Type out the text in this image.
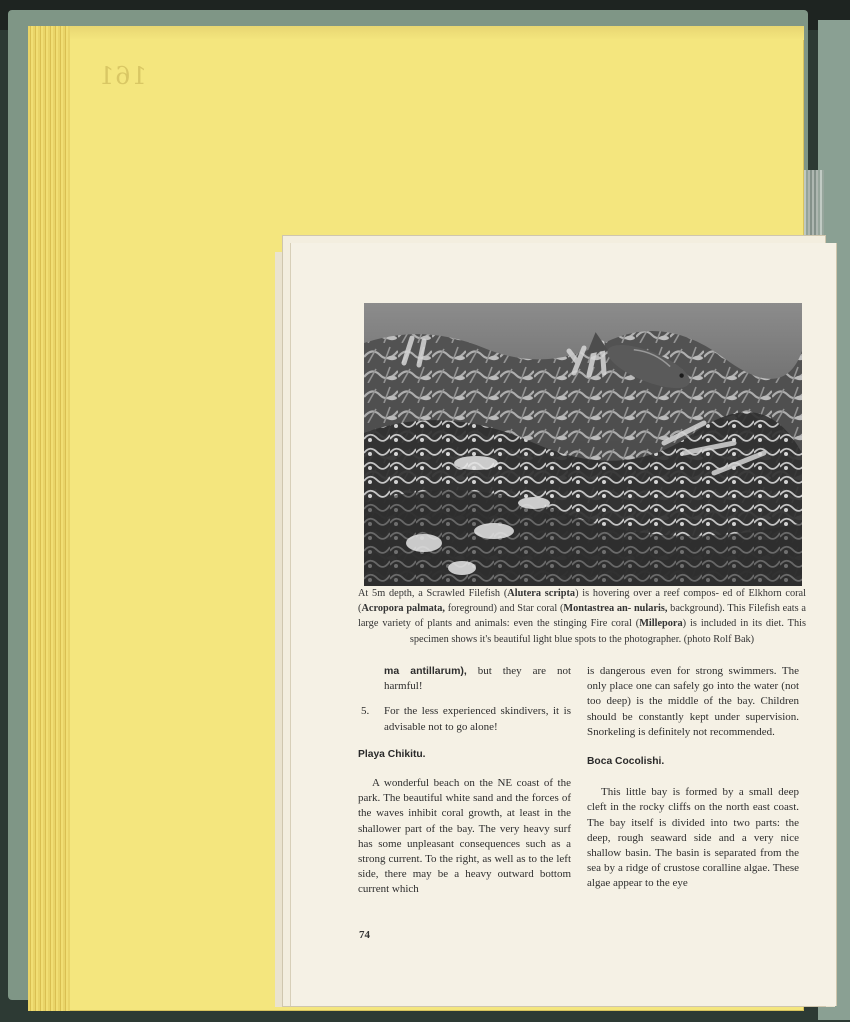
161
At 5m depth, a Scrawled Filefish (Alutera scripta) is hovering over a reef compos- ed of Elkhorn coral (Acropora palmata, foreground) and Star coral (Montastrea an- nularis, background). This Filefish eats a large variety of plants and animals: even the stinging Fire coral (Millepora) is included in its diet. This specimen shows it's beautiful light blue spots to the photographer. (photo Rolf Bak)
ma antillarum), but they are not harmful!
5. For the less experienced skindivers, it is advisable not to go alone!
Playa Chikitu.
A wonderful beach on the NE coast of the park. The beautiful white sand and the forces of the waves inhibit coral growth, at least in the shallower part of the bay. The very heavy surf has some unpleasant consequences such as a strong current. To the right, as well as to the left side, there may be a heavy outward bottom current which
is dangerous even for strong swimmers. The only place one can safely go into the water (not too deep) is the middle of the bay. Children should be constantly kept under supervision. Snorkeling is definitely not recommended.
Boca Cocolishi.
This little bay is formed by a small deep cleft in the rocky cliffs on the north east coast. The bay itself is divided into two parts: the deep, rough seaward side and a very nice shallow basin. The basin is separated from the sea by a ridge of crustose coralline algae. These algae appear to the eye
74
